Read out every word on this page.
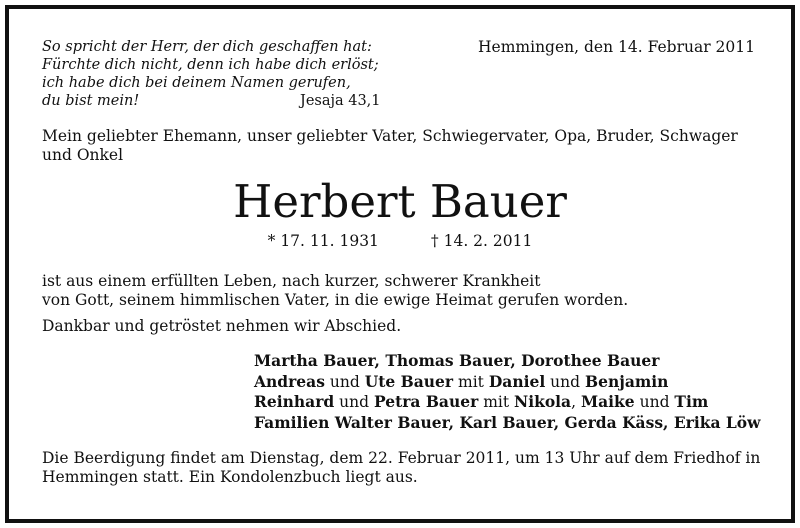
So spricht der Herr, der dich geschaffen hat:
Fürchte dich nicht, denn ich habe dich erlöst;
ich habe dich bei deinem Namen gerufen,
du bist mein!	Jesaja 43,1
Hemmingen, den 14. Februar 2011
Mein geliebter Ehemann, unser geliebter Vater, Schwiegervater, Opa, Bruder, Schwager und Onkel
Herbert Bauer
* 17. 11. 1931	† 14. 2. 2011
ist aus einem erfüllten Leben, nach kurzer, schwerer Krankheit
von Gott, seinem himmlischen Vater, in die ewige Heimat gerufen worden.
Dankbar und getröstet nehmen wir Abschied.
Martha Bauer, Thomas Bauer, Dorothee Bauer
Andreas und Ute Bauer mit Daniel und Benjamin
Reinhard und Petra Bauer mit Nikola, Maike und Tim
Familien Walter Bauer, Karl Bauer, Gerda Käss, Erika Löw
Die Beerdigung findet am Dienstag, dem 22. Februar 2011, um 13 Uhr auf dem Friedhof in Hemmingen statt. Ein Kondolenzbuch liegt aus.
